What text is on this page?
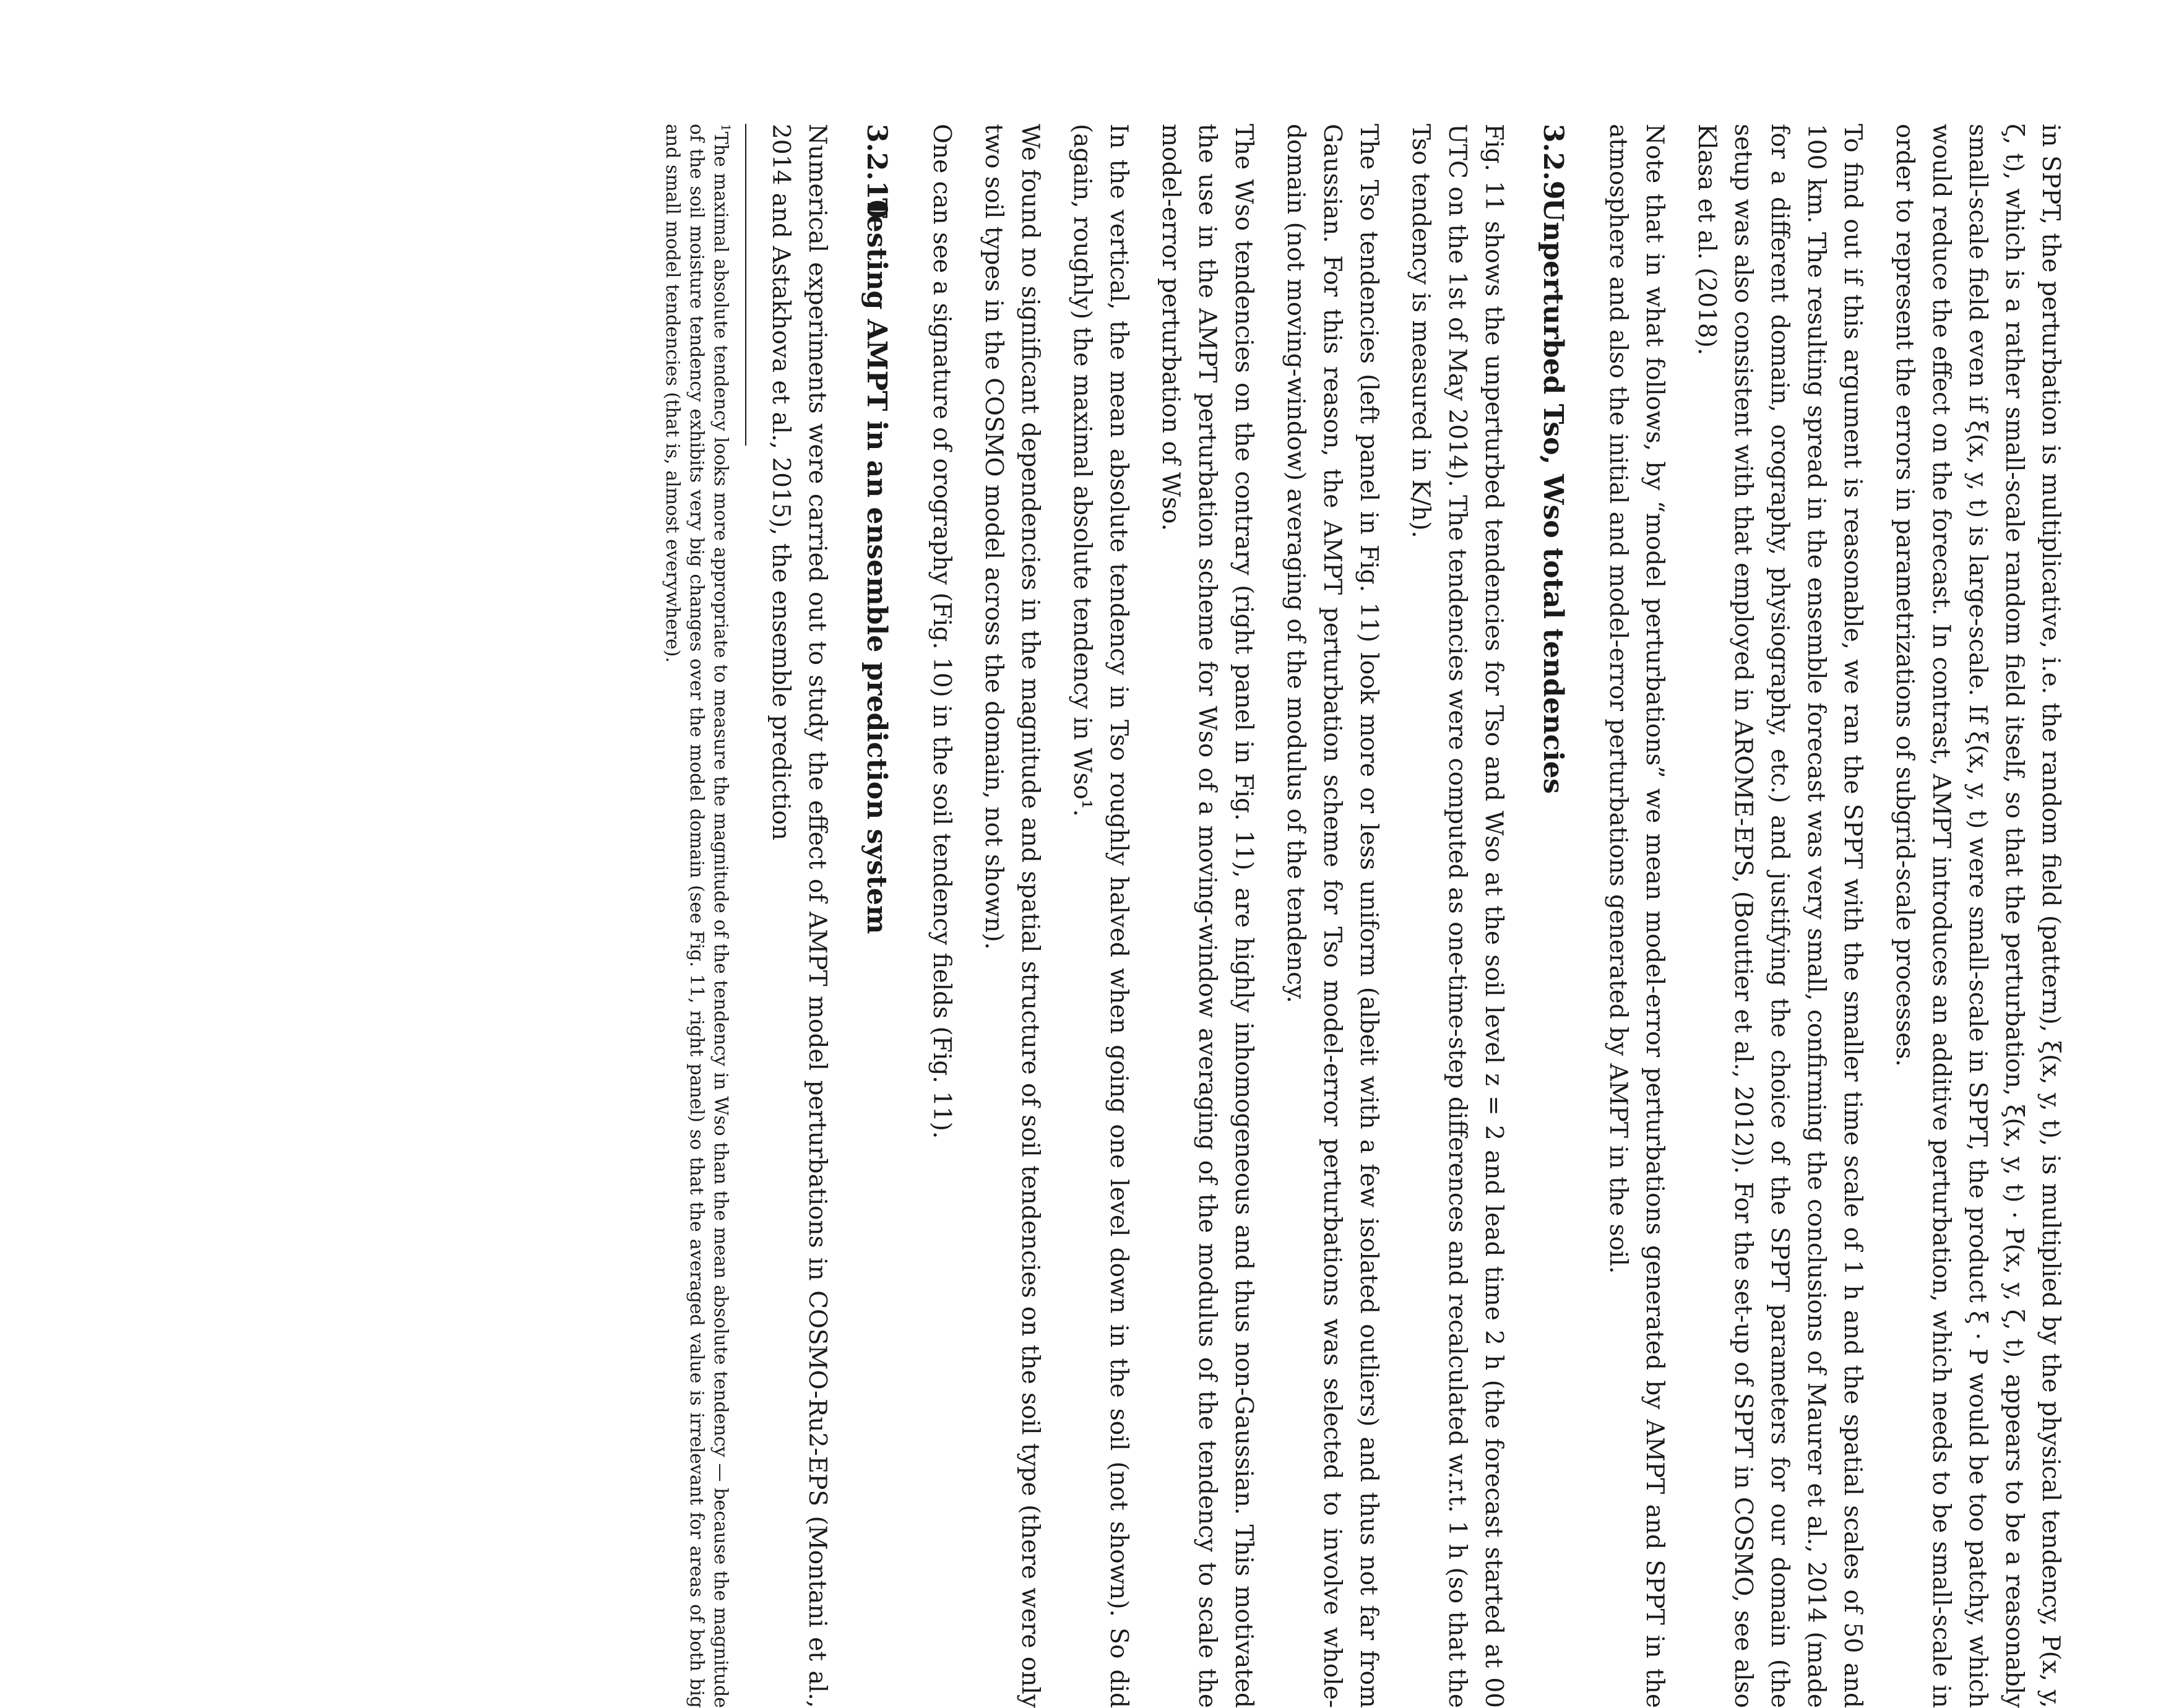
in SPPT, the perturbation is multiplicative, i.e. the random field (pattern), ξ(x, y, t), is multiplied by the physical tendency, P(x, y, ζ, t), which is a rather small-scale random field itself, so that the perturbation, ξ(x, y, t) · P(x, y, ζ, t), appears to be a reasonably small-scale field even if ξ(x, y, t) is large-scale. If ξ(x, y, t) were small-scale in SPPT, the product ξ · P would be too patchy, which would reduce the effect on the forecast. In contrast, AMPT introduces an additive perturbation, which needs to be small-scale in order to represent the errors in parametrizations of subgrid-scale processes.

To find out if this argument is reasonable, we ran the SPPT with the smaller time scale of 1 h and the spatial scales of 50 and 100 km. The resulting spread in the ensemble forecast was very small, confirming the conclusions of Maurer et al., 2014 (made for a different domain, orography, physiography, etc.) and justifying the choice of the SPPT parameters for our domain (the setup was also consistent with that employed in AROME-EPS, (Bouttier et al., 2012)). For the set-up of SPPT in COSMO, see also Klasa et al. (2018).

Note that in what follows, by “model perturbations” we mean model-error perturbations generated by AMPT and SPPT in the atmosphere and also the initial and model-error perturbations generated by AMPT in the soil.

3.2.9Unperturbed Tso, Wso total tendencies

Fig. 11 shows the unperturbed tendencies for Tso and Wso at the soil level z = 2 and lead time 2 h (the forecast started at 00 UTC on the 1st of May 2014). The tendencies were computed as one-time-step differences and recalculated w.r.t. 1 h (so that the Tso tendency is measured in K/h).

The Tso tendencies (left panel in Fig. 11) look more or less uniform (albeit with a few isolated outliers) and thus not far from Gaussian. For this reason, the AMPT perturbation scheme for Tso model-error perturbations was selected to involve whole-domain (not moving-window) averaging of the modulus of the tendency.

The Wso tendencies on the contrary (right panel in Fig. 11), are highly inhomogeneous and thus non-Gaussian. This motivated the use in the AMPT perturbation scheme for Wso of a moving-window averaging of the modulus of the tendency to scale the model-error perturbation of Wso.

In the vertical, the mean absolute tendency in Tso roughly halved when going one level down in the soil (not shown). So did (again, roughly) the maximal absolute tendency in Wso¹.

We found no significant dependencies in the magnitude and spatial structure of soil tendencies on the soil type (there were only two soil types in the COSMO model across the domain, not shown).

One can see a signature of orography (Fig. 10) in the soil tendency fields (Fig. 11).

3.2.10Testing AMPT in an ensemble prediction system

Numerical experiments were carried out to study the effect of AMPT model perturbations in COSMO-Ru2-EPS (Montani et al., 2014 and Astakhova et al., 2015), the ensemble prediction

$^1$The maximal absolute tendency looks more appropriate to measure the magnitude of the tendency in Wso than the mean absolute tendency — because the magnitude of the soil moisture tendency exhibits very big changes over the model domain (see Fig. 11, right panel) so that the averaged value is irrelevant for areas of both big and small model tendencies (that is, almost everywhere).
